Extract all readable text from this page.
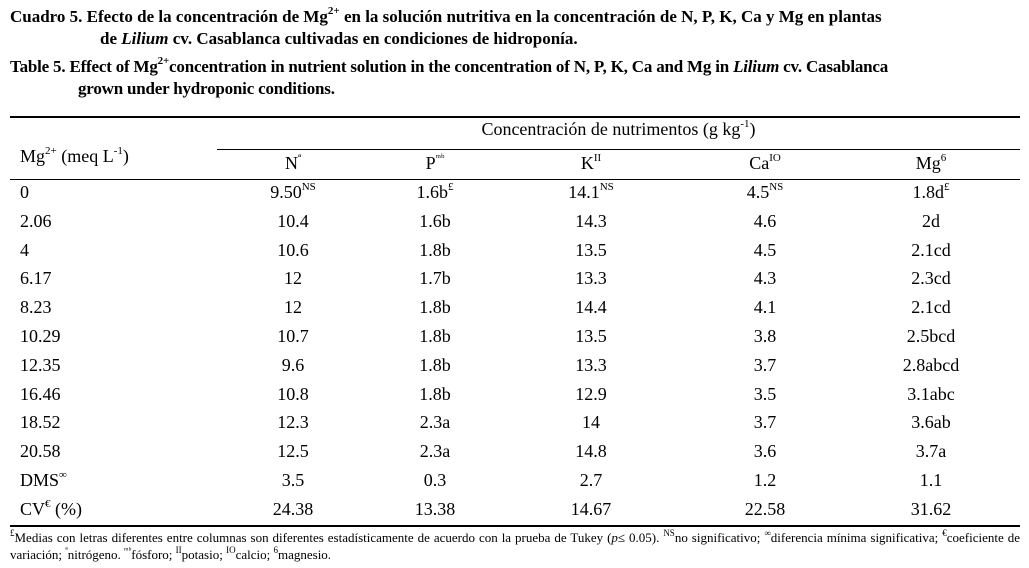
Cuadro 5. Efecto de la concentración de $Mg^{2+}$ en la solución nutritiva en la concentración de N, P, K, Ca y Mg en plantas
de Lilium cv. Casablanca cultivadas en condiciones de hidroponía.
Table 5. Effect of $Mg^{2+}concentration$ in nutrient solution in the concentration of N, P, K, Ca and Mg in Lilium cv. Casablanca
grown under hydroponic conditions.
Concentración de nutrimentos (g $kg^{-1}$)
$Mg^{2+}$ (meq $L^{-1}$)	$N^ª$	$P^{ᵐᵇ}$	$K^{II}$	$Ca^{IO}$	Mg$^6$
0	$9.50^{NS}$	1.6b£	$14.1^{NS}$	$4.5^{NS}$	1.8d£
2.06	10.4	1.6b	14.3	4.6	2d
4	10.6	1.8b	13.5	4.5	2.1cd
6.17	12	1.7b	13.3	4.3	2.3cd
8.23	12	1.8b	14.4	4.1	2.1cd
10.29	10.7	1.8b	13.5	3.8	2.5bcd
12.35	9.6	1.8b	13.3	3.7	2.8abcd
16.46	10.8	1.8b	12.9	3.5	3.1abc
18.52	12.3	2.3a	14	3.7	3.6ab
20.58	12.5	2.3a	14.8	3.6	3.7a
DMS∞	3.5	0.3	2.7	1.2	1.1
CV€ (%)	24.38	13.38	14.67	22.58	31.62
£Medias con letras diferentes entre columnas son diferentes estadísticamente de acuerdo con la prueba de Tukey (p≤ 0.05). $^{NS}$no significativo; ∞diferencia mínima significativa; €coeficiente de variación; $^ª$nitrógeno. $^{ᵐᵇ}$fósforo; $^{II}$potasio; $^{IO}$calcio; $^6$magnesio.
